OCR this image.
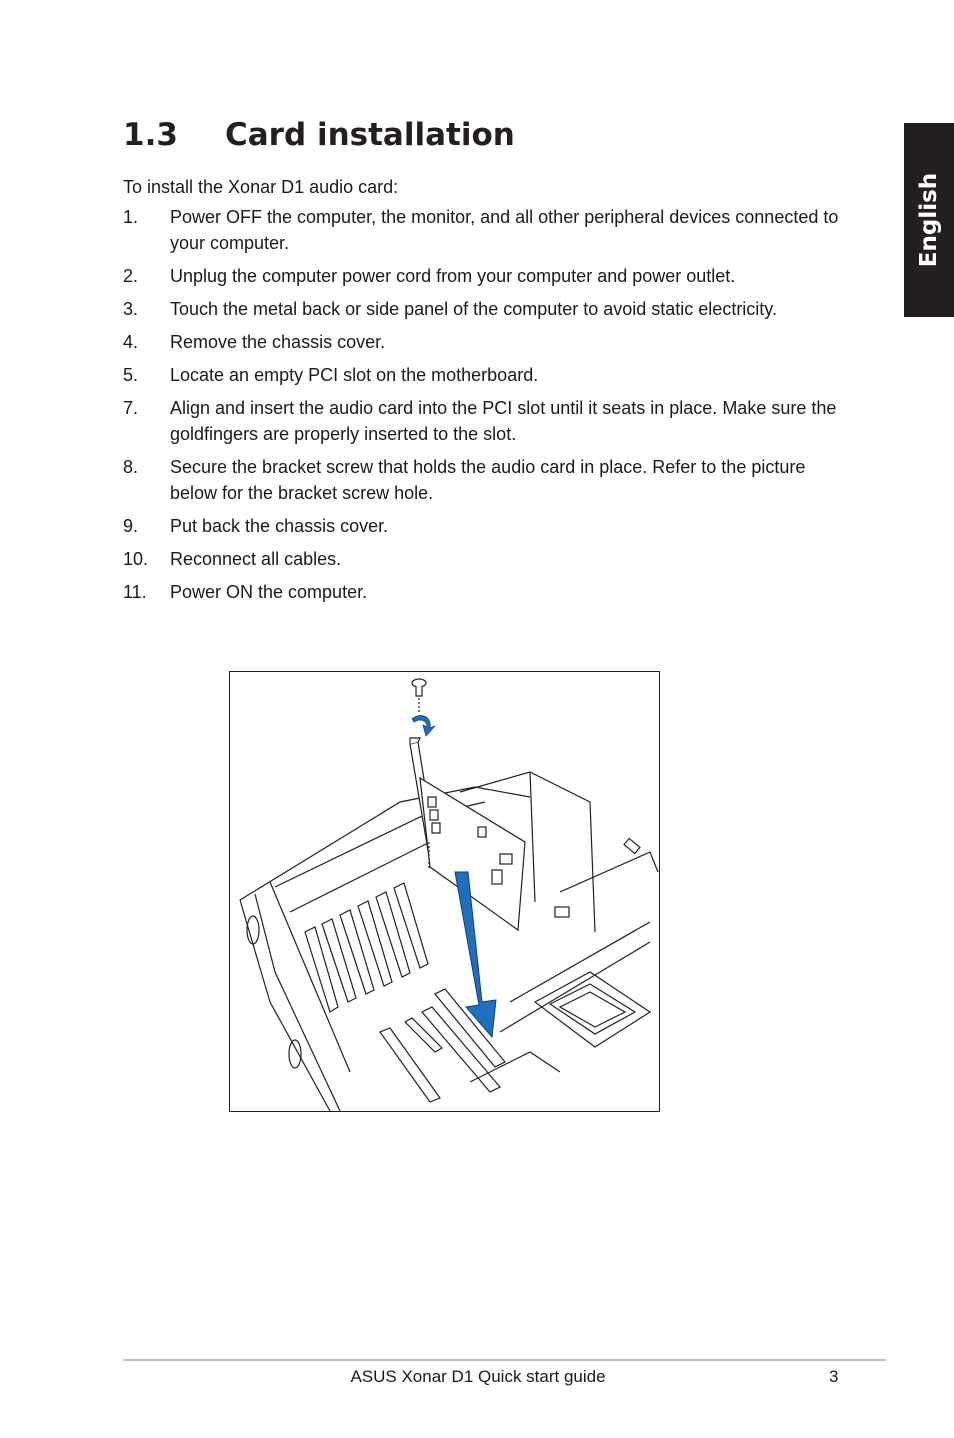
English
1.3 Card installation

To install the Xonar D1 audio card:

1. Power OFF the computer, the monitor, and all other peripheral devices connected to your computer.
2. Unplug the computer power cord from your computer and power outlet.
3. Touch the metal back or side panel of the computer to avoid static electricity.
4. Remove the chassis cover.
5. Locate an empty PCI slot on the motherboard.
7. Align and insert the audio card into the PCI slot until it seats in place. Make sure the goldfingers are properly inserted to the slot.
8. Secure the bracket screw that holds the audio card in place. Refer to the picture below for the bracket screw hole.
9. Put back the chassis cover.
10. Reconnect all cables.
11. Power ON the computer.
ASUS Xonar D1 Quick start guide	3
